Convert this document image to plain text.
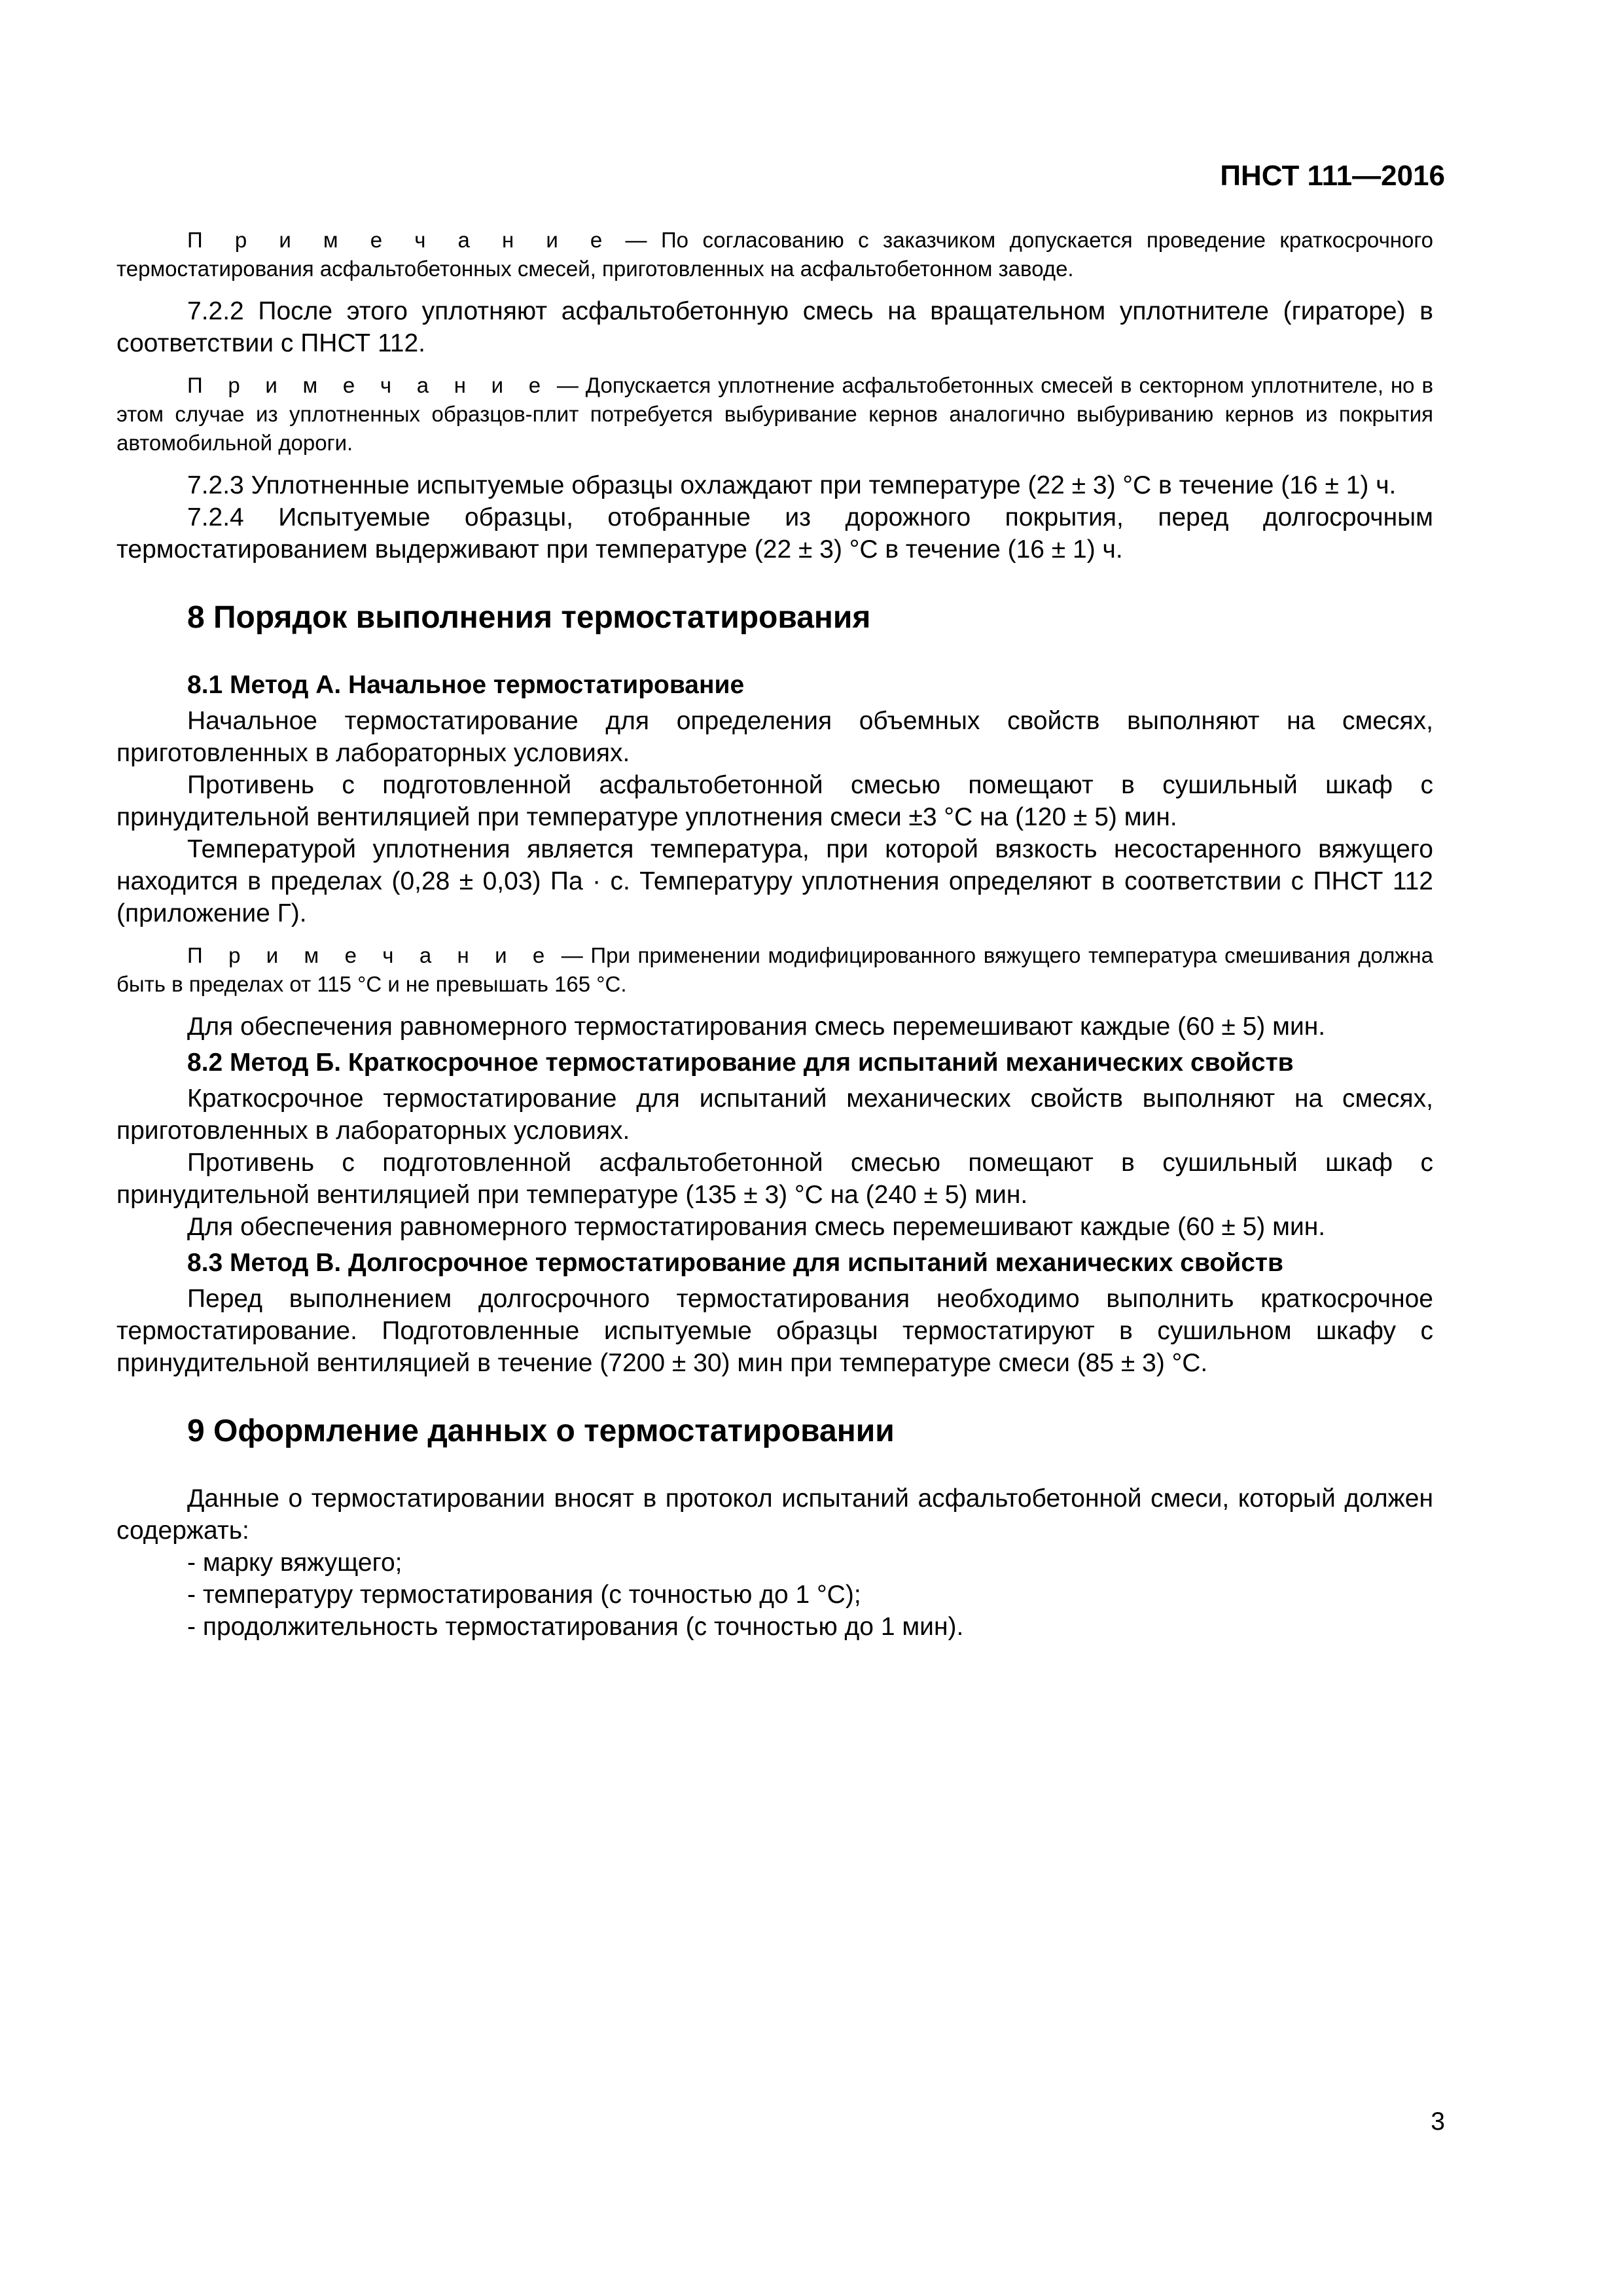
ПНСТ 111—2016

П р и м е ч а н и е — По согласованию с заказчиком допускается проведение краткосрочного термостатирования асфальтобетонных смесей, приготовленных на асфальтобетонном заводе.

7.2.2 После этого уплотняют асфальтобетонную смесь на вращательном уплотнителе (гираторе) в соответствии с ПНСТ 112.

П р и м е ч а н и е — Допускается уплотнение асфальтобетонных смесей в секторном уплотнителе, но в этом случае из уплотненных образцов-плит потребуется выбуривание кернов аналогично выбуриванию кернов из покрытия автомобильной дороги.

7.2.3 Уплотненные испытуемые образцы охлаждают при температуре (22 ± 3) °С в течение (16 ± 1) ч.

7.2.4 Испытуемые образцы, отобранные из дорожного покрытия, перед долгосрочным термостатированием выдерживают при температуре (22 ± 3) °С в течение (16 ± 1) ч.

8 Порядок выполнения термостатирования
8.1 Метод А. Начальное термостатирование

Начальное термостатирование для определения объемных свойств выполняют на смесях, приготовленных в лабораторных условиях.

Противень с подготовленной асфальтобетонной смесью помещают в сушильный шкаф с принудительной вентиляцией при температуре уплотнения смеси ±3 °С на (120 ± 5) мин.

Температурой уплотнения является температура, при которой вязкость несостаренного вяжущего находится в пределах (0,28 ± 0,03) Па · с. Температуру уплотнения определяют в соответствии с ПНСТ 112 (приложение Г).

П р и м е ч а н и е — При применении модифицированного вяжущего температура смешивания должна быть в пределах от 115 °С и не превышать 165 °С.

Для обеспечения равномерного термостатирования смесь перемешивают каждые (60 ± 5) мин.

8.2 Метод Б. Краткосрочное термостатирование для испытаний механических свойств

Краткосрочное термостатирование для испытаний механических свойств выполняют на смесях, приготовленных в лабораторных условиях.

Противень с подготовленной асфальтобетонной смесью помещают в сушильный шкаф с принудительной вентиляцией при температуре (135 ± 3) °С на (240 ± 5) мин.

Для обеспечения равномерного термостатирования смесь перемешивают каждые (60 ± 5) мин.

8.3 Метод В. Долгосрочное термостатирование для испытаний механических свойств

Перед выполнением долгосрочного термостатирования необходимо выполнить краткосрочное термостатирование. Подготовленные испытуемые образцы термостатируют в сушильном шкафу с принудительной вентиляцией в течение (7200 ± 30) мин при температуре смеси (85 ± 3) °С.

9 Оформление данных о термостатировании

Данные о термостатировании вносят в протокол испытаний асфальтобетонной смеси, который должен содержать:

- марку вяжущего;
- температуру термостатирования (с точностью до 1 °С);
- продолжительность термостатирования (с точностью до 1 мин).
3
